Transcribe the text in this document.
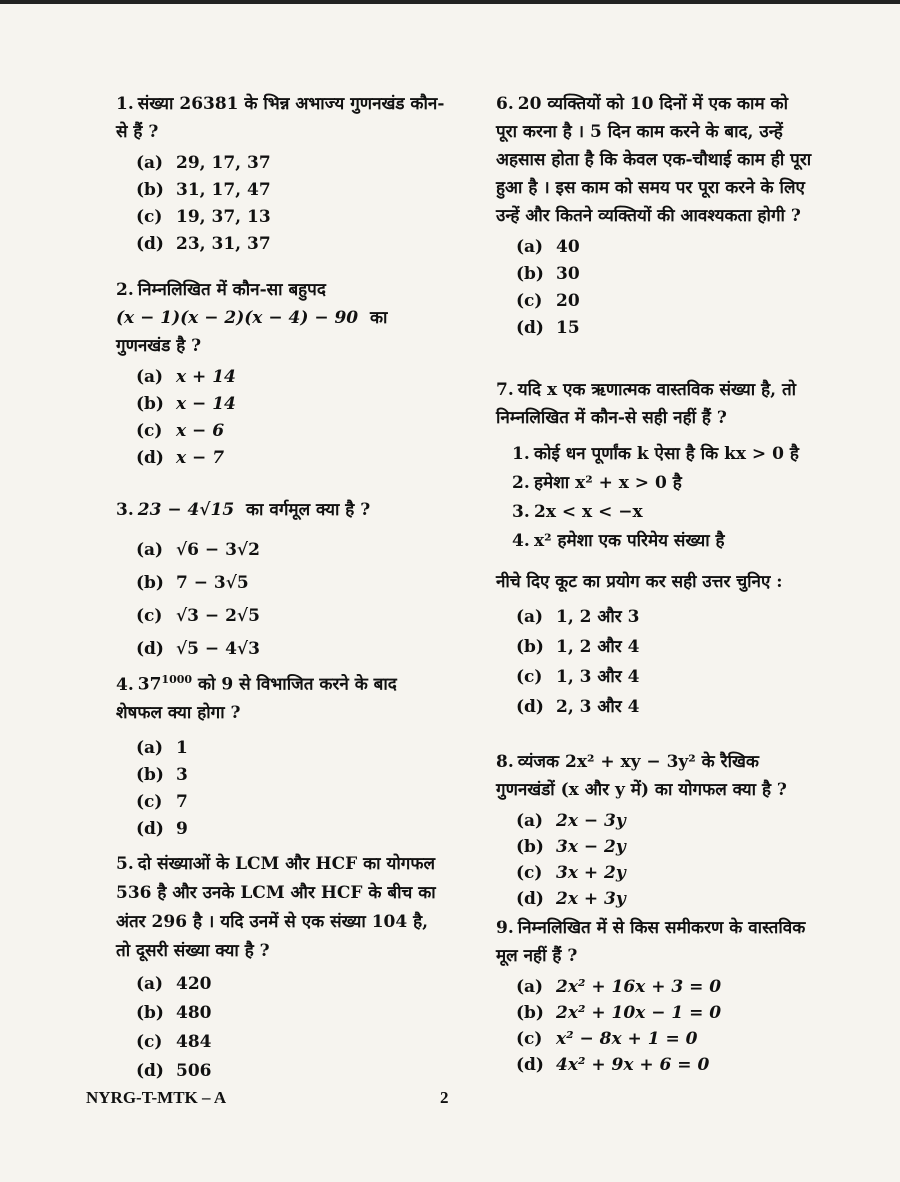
1. संख्या 26381 के भिन्न अभाज्य गुणनखंड कौन-से हैं ?
(a) 29, 17, 37
(b) 31, 17, 47
(c) 19, 37, 13
(d) 23, 31, 37
2. निम्नलिखित में कौन-सा बहुपद
(x − 1)(x − 2)(x − 4) − 90 का गुणनखंड है ?
(a) x + 14
(b) x − 14
(c) x − 6
(d) x − 7
3. 23 − 4√15 का वर्गमूल क्या है ?
(a) √6 − 3√2
(b) 7 − 3√5
(c) √3 − 2√5
(d) √5 − 4√3
4. $37^{1000}$ को 9 से विभाजित करने के बाद शेषफल क्या होगा ?
(a) 1
(b) 3
(c) 7
(d) 9
5. दो संख्याओं के LCM और HCF का योगफल 536 है और उनके LCM और HCF के बीच का अंतर 296 है । यदि उनमें से एक संख्या 104 है, तो दूसरी संख्या क्या है ?
(a) 420
(b) 480
(c) 484
(d) 506
6. 20 व्यक्तियों को 10 दिनों में एक काम को पूरा करना है । 5 दिन काम करने के बाद, उन्हें अहसास होता है कि केवल एक-चौथाई काम ही पूरा हुआ है । इस काम को समय पर पूरा करने के लिए उन्हें और कितने व्यक्तियों की आवश्यकता होगी ?
(a) 40
(b) 30
(c) 20
(d) 15
7. यदि x एक ऋणात्मक वास्तविक संख्या है, तो निम्नलिखित में कौन-से सही नहीं हैं ?
1. कोई धन पूर्णांक k ऐसा है कि kx > 0 है
2. हमेशा x² + x > 0 है
3. 2x < x < −x
4. x² हमेशा एक परिमेय संख्या है
नीचे दिए कूट का प्रयोग कर सही उत्तर चुनिए :
(a) 1, 2 और 3
(b) 1, 2 और 4
(c) 1, 3 और 4
(d) 2, 3 और 4
8. व्यंजक 2x² + xy − 3y² के रैखिक गुणनखंडों (x और y में) का योगफल क्या है ?
(a) 2x − 3y
(b) 3x − 2y
(c) 3x + 2y
(d) 2x + 3y
9. निम्नलिखित में से किस समीकरण के वास्तविक मूल नहीं हैं ?
(a) 2x² + 16x + 3 = 0
(b) 2x² + 10x − 1 = 0
(c) x² − 8x + 1 = 0
(d) 4x² + 9x + 6 = 0
NYRG-T-MTK – A	2
